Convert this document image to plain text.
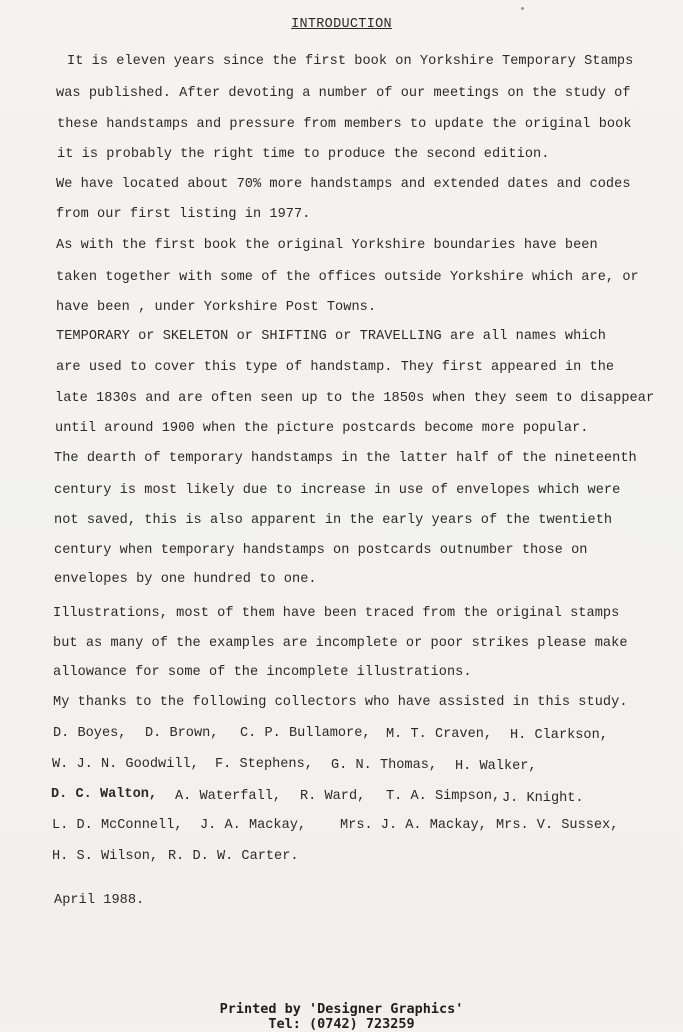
INTRODUCTION
It is eleven years since the first book on Yorkshire Temporary Stamps
was published. After devoting a number of our meetings on the study of
these handstamps and pressure from members to update the original book
it is probably the right time to produce the second edition.
We have located about 70% more handstamps and extended dates and codes
from our first listing in 1977.
As with the first book the original Yorkshire boundaries have been
taken together with some of the offices outside Yorkshire which are, or
have been , under Yorkshire Post Towns.
TEMPORARY or SKELETON or SHIFTING or TRAVELLING are all names which
are used to cover this type of handstamp. They first appeared in the
late 1830s and are often seen up to the 1850s when they seem to disappear
until around 1900 when the picture postcards become more popular.
The dearth of temporary handstamps in the latter half of the nineteenth
century is most likely due to increase in use of envelopes which were
not saved, this is also apparent in the early years of the twentieth
century when temporary handstamps on postcards outnumber those on
envelopes by one hundred to one.
Illustrations, most of them have been traced from the original stamps
but as many of the examples are incomplete or poor strikes please make
allowance for some of the incomplete illustrations.
My thanks to the following collectors who have assisted in this study.
D. Boyes, D. Brown, C. P. Bullamore, M. T. Craven, H. Clarkson,
W. J. N. Goodwill, F. Stephens, G. N. Thomas, H. Walker,
D. C. Walton, A. Waterfall, R. Ward, T. A. Simpson, J. Knight.
L. D. McConnell, J. A. Mackay, Mrs. J. A. Mackay, Mrs. V. Sussex,
H. S. Wilson, R. D. W. Carter.
April 1988.
Printed by 'Designer Graphics'
Tel: (0742) 723259
